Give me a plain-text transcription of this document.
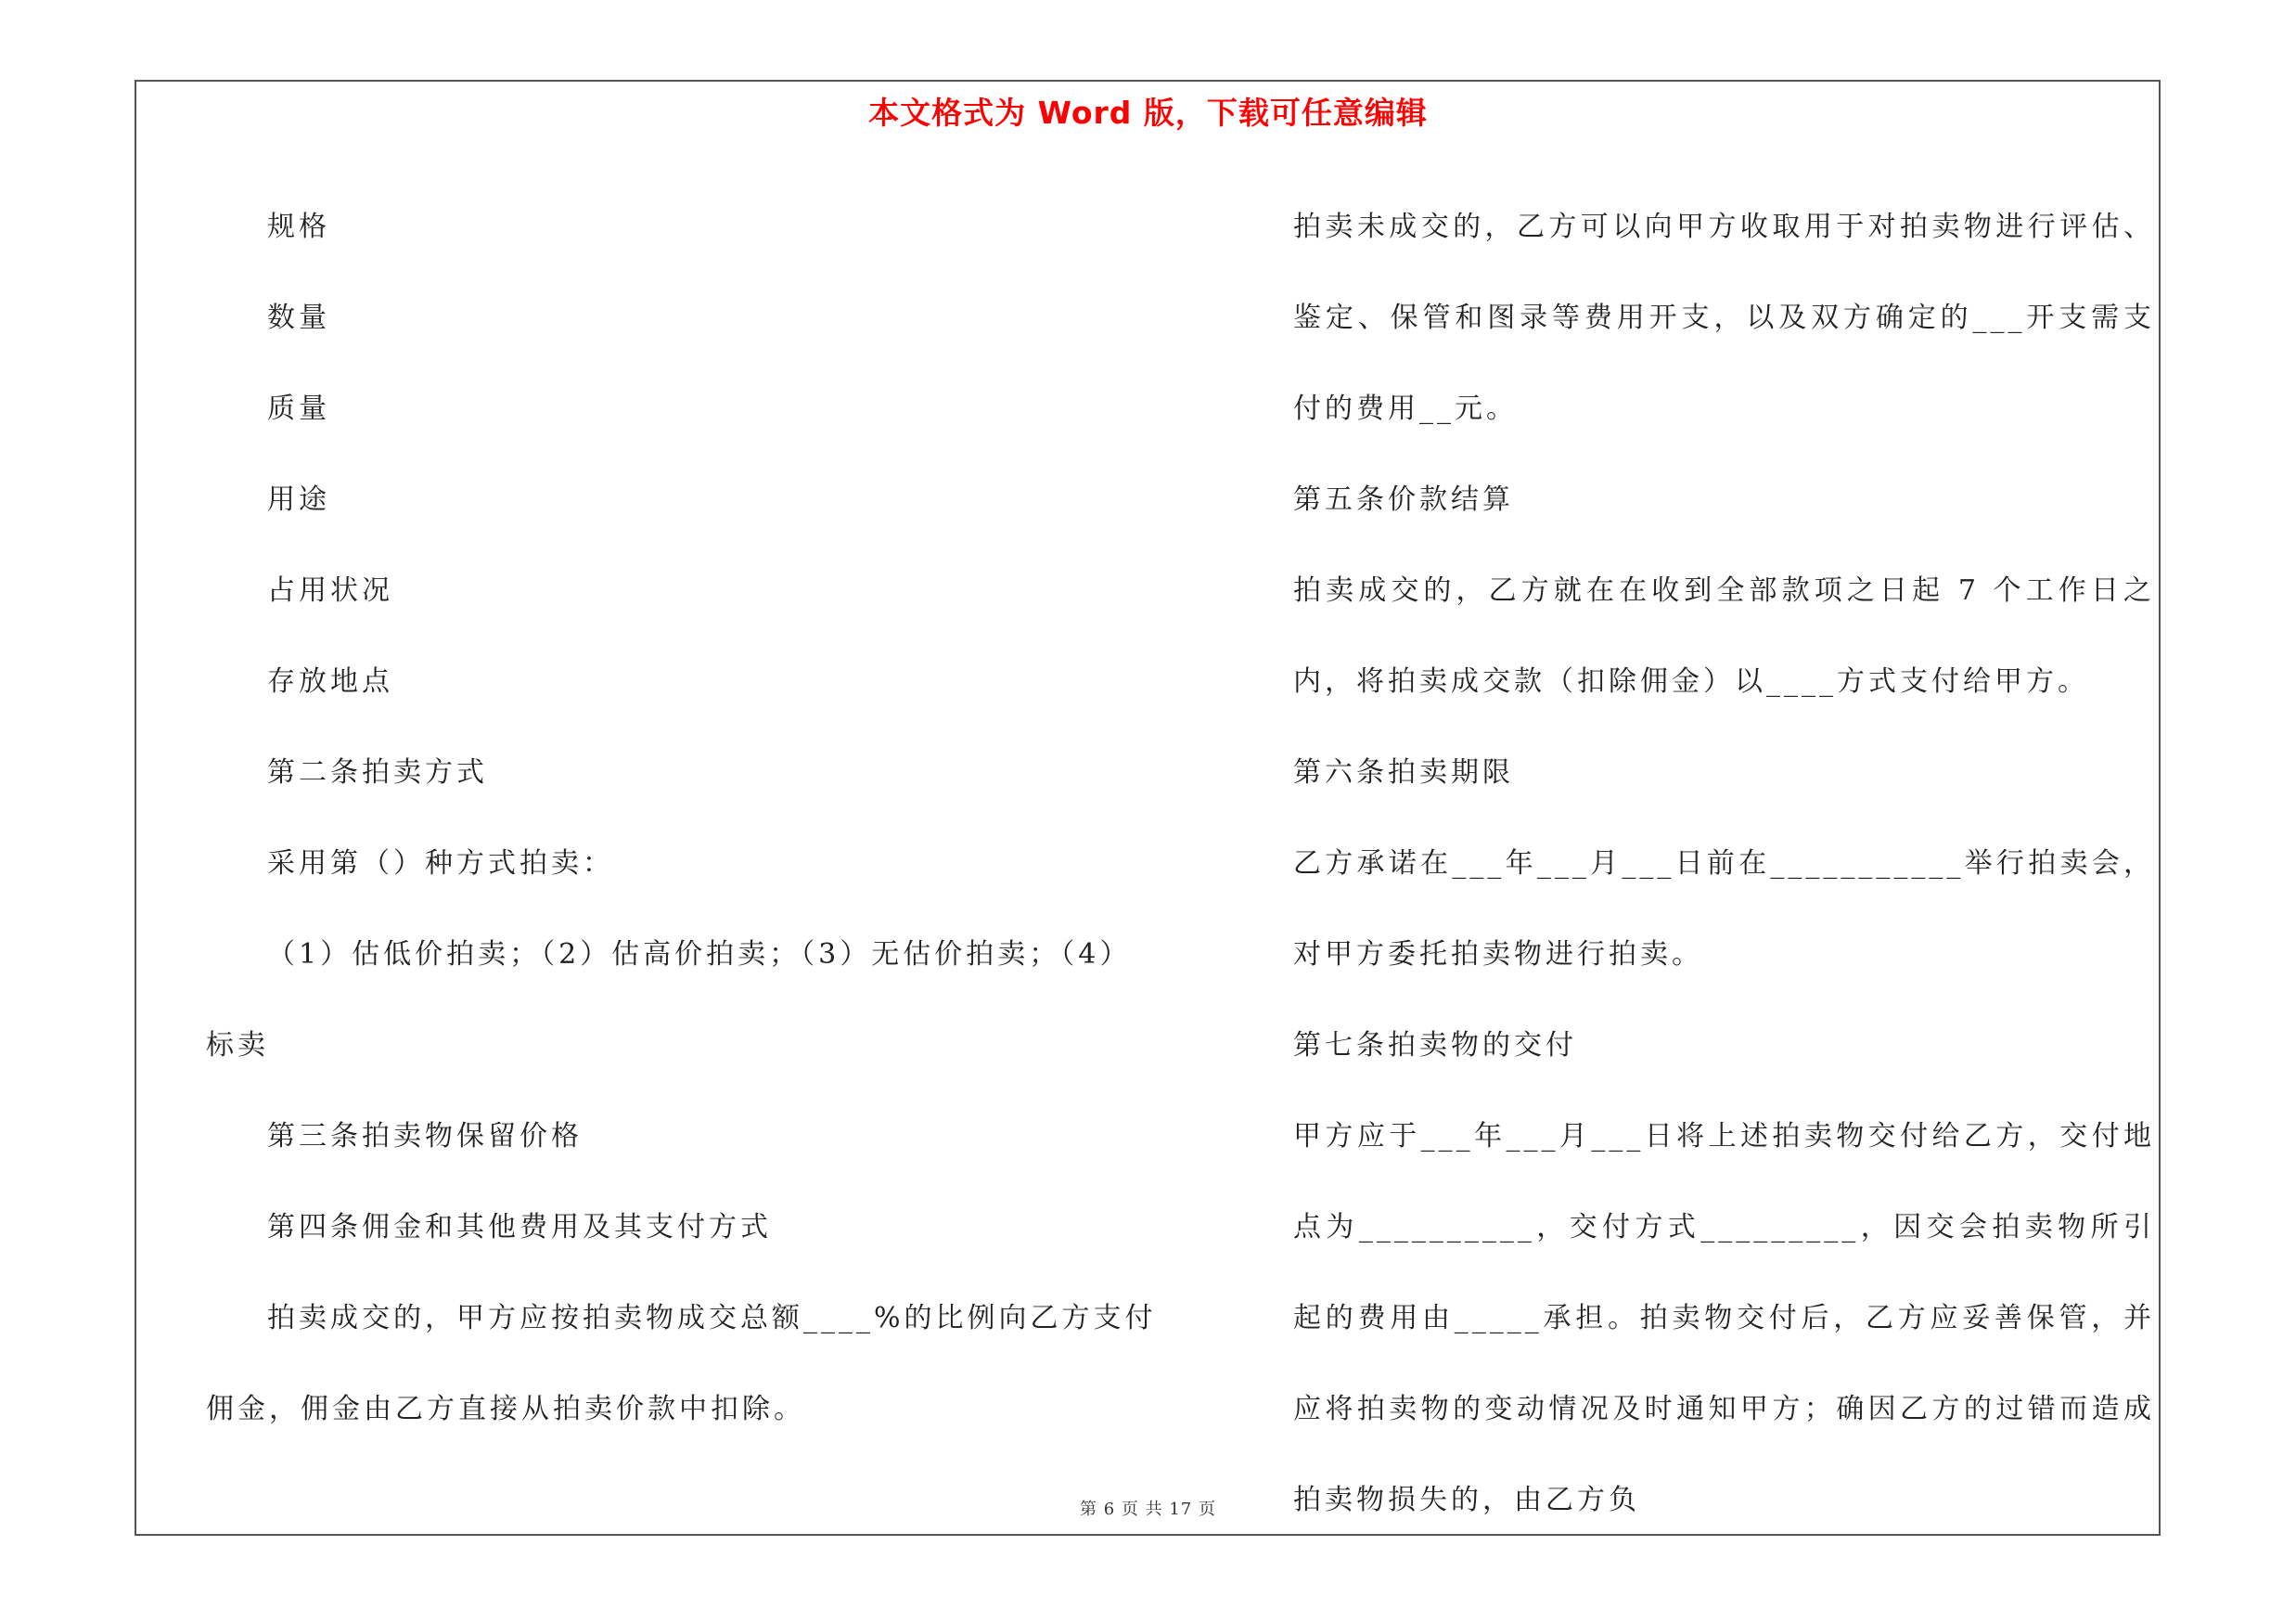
本文格式为 Word 版，下载可任意编辑

规格

数量

质量

用途

占用状况

存放地点

第二条拍卖方式

采用第（）种方式拍卖：

（1）估低价拍卖；（2）估高价拍卖；（3）无估价拍卖；（4）

标卖

第三条拍卖物保留价格

第四条佣金和其他费用及其支付方式

拍卖成交的，甲方应按拍卖物成交总额____%的比例向乙方支付

佣金，佣金由乙方直接从拍卖价款中扣除。

拍卖未成交的，乙方可以向甲方收取用于对拍卖物进行评估、鉴定、保管和图录等费用开支，以及双方确定的___开支需支付的费用__元。

第五条价款结算

拍卖成交的，乙方就在在收到全部款项之日起 7 个工作日之内，将拍卖成交款（扣除佣金）以____方式支付给甲方。

第六条拍卖期限

乙方承诺在___年___月___日前在___________举行拍卖会，对甲方委托拍卖物进行拍卖。

第七条拍卖物的交付

甲方应于___年___月___日将上述拍卖物交付给乙方，交付地点为__________，交付方式_________，因交会拍卖物所引起的费用由_____承担。拍卖物交付后，乙方应妥善保管，并应将拍卖物的变动情况及时通知甲方；确因乙方的过错而造成拍卖物损失的，由乙方负

第 6 页 共 17 页
